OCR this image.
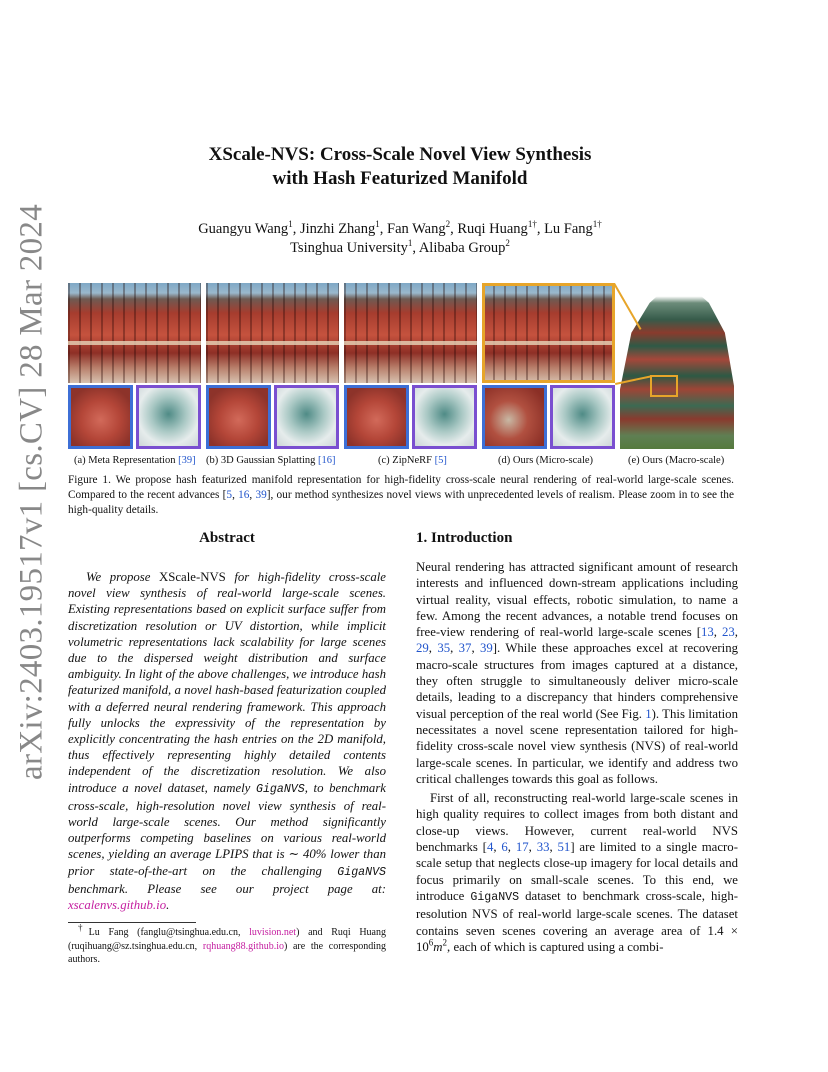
arXiv:2403.19517v1 [cs.CV] 28 Mar 2024
XScale-NVS: Cross-Scale Novel View Synthesis
with Hash Featurized Manifold
Guangyu Wang$^1$, Jinzhi Zhang$^1$, Fan Wang$^2$, Ruqi Huang$^{1\dagger}$, Lu Fang$^{1\dagger}$
Tsinghua University$^1$, Alibaba Group$^2$
(a) Meta Representation [39] (b) 3D Gaussian Splatting [16]	(c) ZipNeRF [5]	(d) Ours (Micro-scale)	(e) Ours (Macro-scale)
Figure 1. We propose hash featurized manifold representation for high-fidelity cross-scale neural rendering of real-world large-scale scenes. Compared to the recent advances [5, 16, 39], our method synthesizes novel views with unprecedented levels of realism. Please zoom in to see the high-quality details.
Abstract
We propose XScale-NVS for high-fidelity cross-scale novel view synthesis of real-world large-scale scenes. Existing representations based on explicit surface suffer from discretization resolution or UV distortion, while implicit volumetric representations lack scalability for large scenes due to the dispersed weight distribution and surface ambiguity. In light of the above challenges, we introduce hash featurized manifold, a novel hash-based featurization coupled with a deferred neural rendering framework. This approach fully unlocks the expressivity of the representation by explicitly concentrating the hash entries on the 2D manifold, thus effectively representing highly detailed contents independent of the discretization resolution. We also introduce a novel dataset, namely GigaNVS, to benchmark cross-scale, high-resolution novel view synthesis of real-world large-scale scenes. Our method significantly outperforms competing baselines on various real-world scenes, yielding an average LPIPS that is ∼ 40% lower than prior state-of-the-art on the challenging GigaNVS benchmark. Please see our project page at: xscalenvs.github.io.
†Lu Fang (fanglu@tsinghua.edu.cn, luvision.net) and Ruqi Huang (ruqihuang@sz.tsinghua.edu.cn, rqhuang88.github.io) are the corresponding authors.
1. Introduction

Neural rendering has attracted significant amount of research interests and influenced down-stream applications including virtual reality, visual effects, robotic simulation, to name a few. Among the recent advances, a notable trend focuses on free-view rendering of real-world large-scale scenes [13, 23, 29, 35, 37, 39]. While these approaches excel at recovering macro-scale structures from images captured at a distance, they often struggle to simultaneously deliver micro-scale details, leading to a discrepancy that hinders comprehensive visual perception of the real world (See Fig. 1). This limitation necessitates a novel scene representation tailored for high-fidelity cross-scale novel view synthesis (NVS) of real-world large-scale scenes. In particular, we identify and address two critical challenges towards this goal as follows.

First of all, reconstructing real-world large-scale scenes in high quality requires to collect images from both distant and close-up views. However, current real-world NVS benchmarks [4, 6, 17, 33, 51] are limited to a single macro-scale setup that neglects close-up imagery for local details and focus primarily on small-scale scenes. To this end, we introduce GigaNVS dataset to benchmark cross-scale, high-resolution NVS of real-world large-scale scenes. The dataset contains seven scenes covering an average area of $1.4 \times 10^6m^2$, each of which is captured using a combi-
